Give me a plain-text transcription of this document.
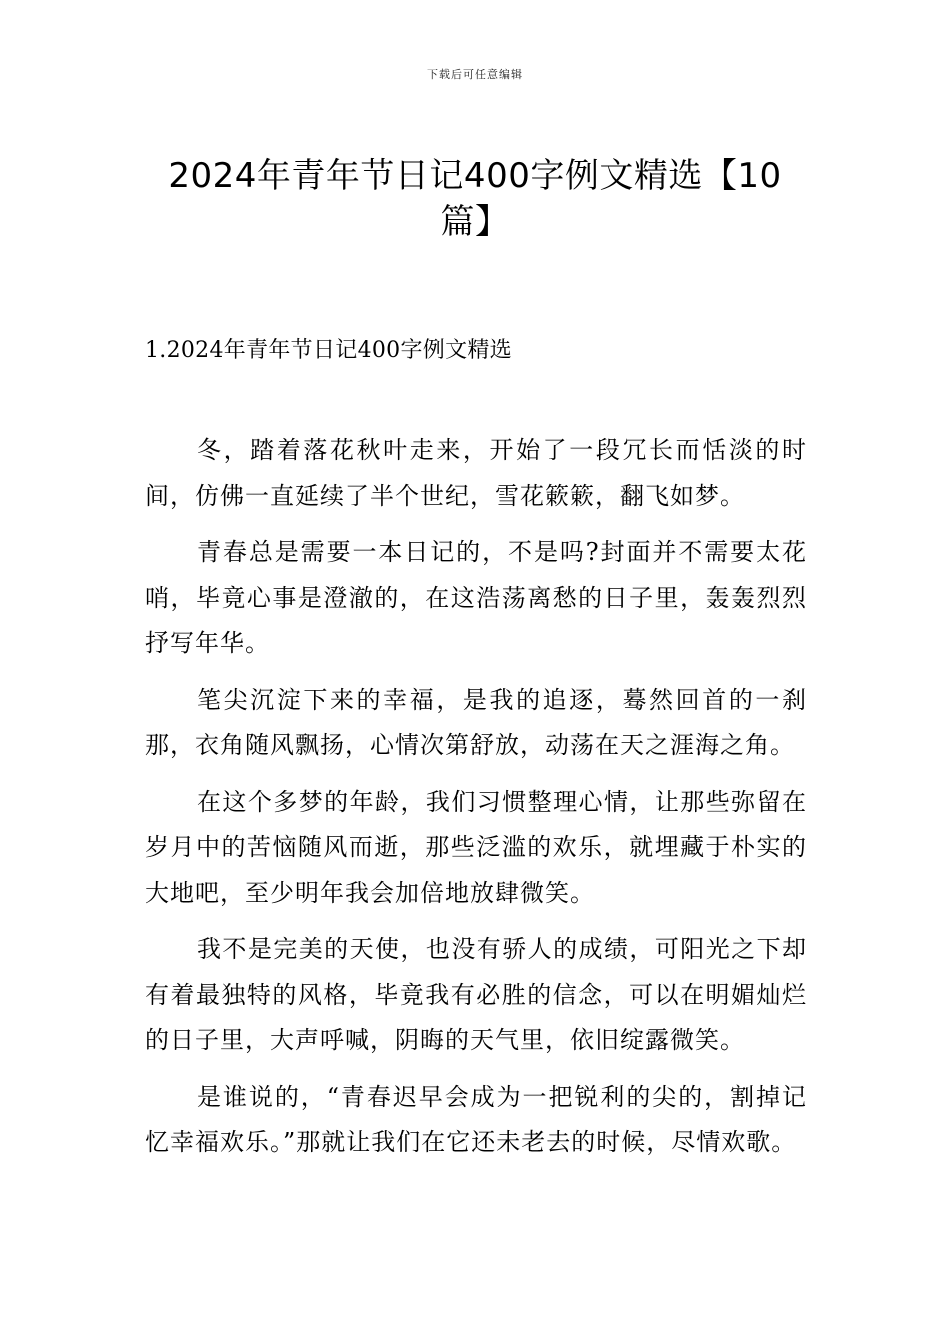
下载后可任意编辑
2024年青年节日记400字例文精选【10篇】
1.2024年青年节日记400字例文精选

冬，踏着落花秋叶走来，开始了一段冗长而恬淡的时间，仿佛一直延续了半个世纪，雪花簌簌，翻飞如梦。

青春总是需要一本日记的，不是吗?封面并不需要太花哨，毕竟心事是澄澈的，在这浩荡离愁的日子里，轰轰烈烈抒写年华。

笔尖沉淀下来的幸福，是我的追逐，蓦然回首的一刹那，衣角随风飘扬，心情次第舒放，动荡在天之涯海之角。

在这个多梦的年龄，我们习惯整理心情，让那些弥留在岁月中的苦恼随风而逝，那些泛滥的欢乐，就埋藏于朴实的大地吧，至少明年我会加倍地放肆微笑。

我不是完美的天使，也没有骄人的成绩，可阳光之下却有着最独特的风格，毕竟我有必胜的信念，可以在明媚灿烂的日子里，大声呼喊，阴晦的天气里，依旧绽露微笑。

是谁说的，“青春迟早会成为一把锐利的尖的，割掉记忆幸福欢乐。”那就让我们在它还未老去的时候，尽情欢歌。
